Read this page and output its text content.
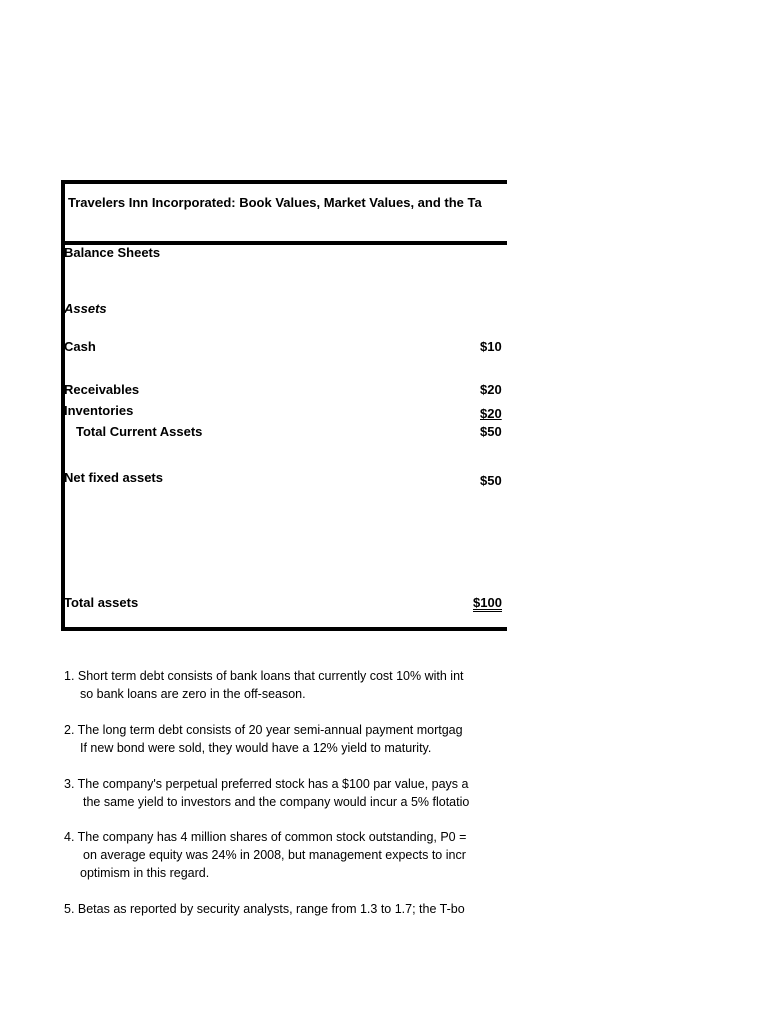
Travelers Inn Incorporated: Book Values, Market Values, and the Ta
Balance Sheets
Assets
Cash	$10
Receivables	$20
Inventories	$20
Total Current Assets	$50
Net fixed assets	$50
Total assets	$100
1. Short term debt consists of bank loans that currently cost 10% with int
so bank loans are zero in the off-season.
2. The long term debt consists of 20 year semi-annual payment mortgag
If new bond were sold, they would have a 12% yield to maturity.
3. The company's perpetual preferred stock has a $100 par value, pays a
the same yield to investors and the company would incur a 5% flotatio
4. The company has 4 million shares of common stock outstanding, P0 =
on average equity was 24% in 2008, but management expects to incr
optimism in this regard.
5. Betas as reported by security analysts, range from 1.3 to 1.7; the T-bo
